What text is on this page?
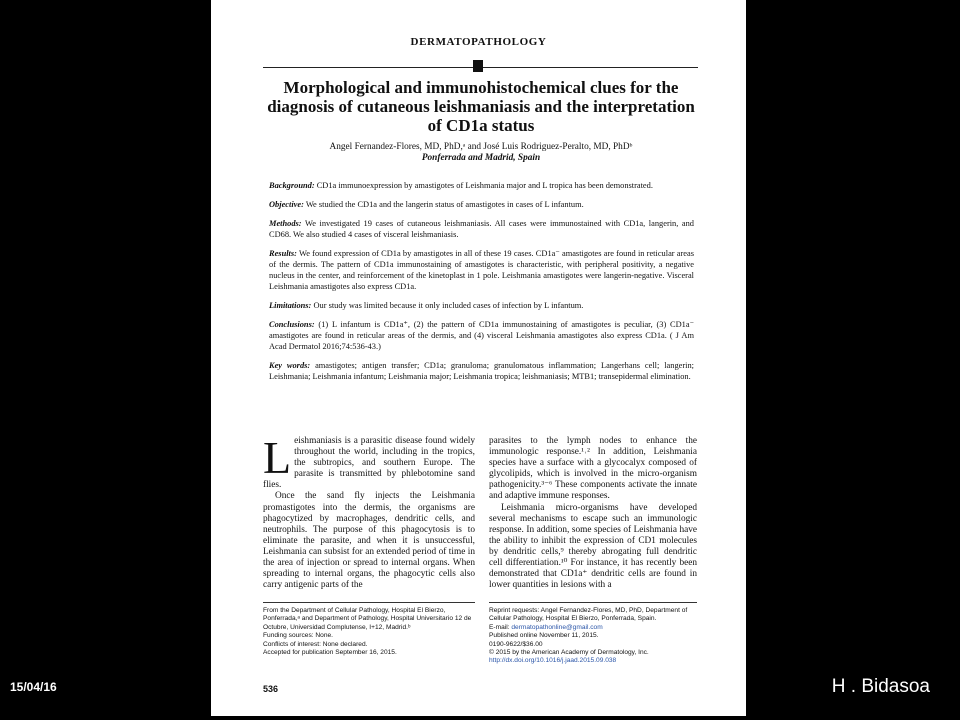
DERMATOPATHOLOGY
Morphological and immunohistochemical clues for the diagnosis of cutaneous leishmaniasis and the interpretation of CD1a status
Angel Fernandez-Flores, MD, PhD,ᵃ and José Luis Rodriguez-Peralto, MD, PhDᵇ
Ponferrada and Madrid, Spain
Background: CD1a immunoexpression by amastigotes of Leishmania major and L tropica has been demonstrated.
Objective: We studied the CD1a and the langerin status of amastigotes in cases of L infantum.
Methods: We investigated 19 cases of cutaneous leishmaniasis. All cases were immunostained with CD1a, langerin, and CD68. We also studied 4 cases of visceral leishmaniasis.
Results: We found expression of CD1a by amastigotes in all of these 19 cases. CD1a⁻ amastigotes are found in reticular areas of the dermis. The pattern of CD1a immunostaining of amastigotes is characteristic, with peripheral positivity, a negative nucleus in the center, and reinforcement of the kinetoplast in 1 pole. Leishmania amastigotes were langerin-negative. Visceral Leishmania amastigotes also express CD1a.
Limitations: Our study was limited because it only included cases of infection by L infantum.
Conclusions: (1) L infantum is CD1a⁺, (2) the pattern of CD1a immunostaining of amastigotes is peculiar, (3) CD1a⁻ amastigotes are found in reticular areas of the dermis, and (4) visceral Leishmania amastigotes also express CD1a. ( J Am Acad Dermatol 2016;74:536-43.)
Key words: amastigotes; antigen transfer; CD1a; granuloma; granulomatous inflammation; Langerhans cell; langerin; Leishmania; Leishmania infantum; Leishmania major; Leishmania tropica; leishmaniasis; MTB1; transepidermal elimination.

Leishmaniasis is a parasitic disease found widely throughout the world, including in the tropics, the subtropics, and southern Europe. The parasite is transmitted by phlebotomine sand flies.

Once the sand fly injects the Leishmania promastigotes into the dermis, the organisms are phagocytized by macrophages, dendritic cells, and neutrophils. The purpose of this phagocytosis is to eliminate the parasite, and when it is unsuccessful, Leishmania can subsist for an extended period of time in the area of injection or spread to internal organs. When spreading to internal organs, the phagocytic cells also carry antigenic parts of the

parasites to the lymph nodes to enhance the immunologic response.¹˒² In addition, Leishmania species have a surface with a glycocalyx composed of glycolipids, which is involved in the micro-organism pathogenicity.³⁻⁶ These components activate the innate and adaptive immune responses.

Leishmania micro-organisms have developed several mechanisms to escape such an immunologic response. In addition, some species of Leishmania have the ability to inhibit the expression of CD1 molecules by dendritic cells,⁹ thereby abrogating full dendritic cell differentiation.¹⁰ For instance, it has recently been demonstrated that CD1a⁺ dendritic cells are found in lower quantities in lesions with a

From the Department of Cellular Pathology, Hospital El Bierzo, Ponferrada,ᵃ and Department of Pathology, Hospital Universitario 12 de Octubre, Universidad Complutense, I+12, Madrid.ᵇ
Funding sources: None.
Conflicts of interest: None declared.
Accepted for publication September 16, 2015.
Reprint requests: Angel Fernandez-Flores, MD, PhD, Department of Cellular Pathology, Hospital El Bierzo, Ponferrada, Spain.
E-mail: dermatopathonline@gmail.com
Published online November 11, 2015.
0190-9622/$36.00
© 2015 by the American Academy of Dermatology, Inc.
http://dx.doi.org/10.1016/j.jaad.2015.09.038
536
15/04/16	H . Bidasoa
